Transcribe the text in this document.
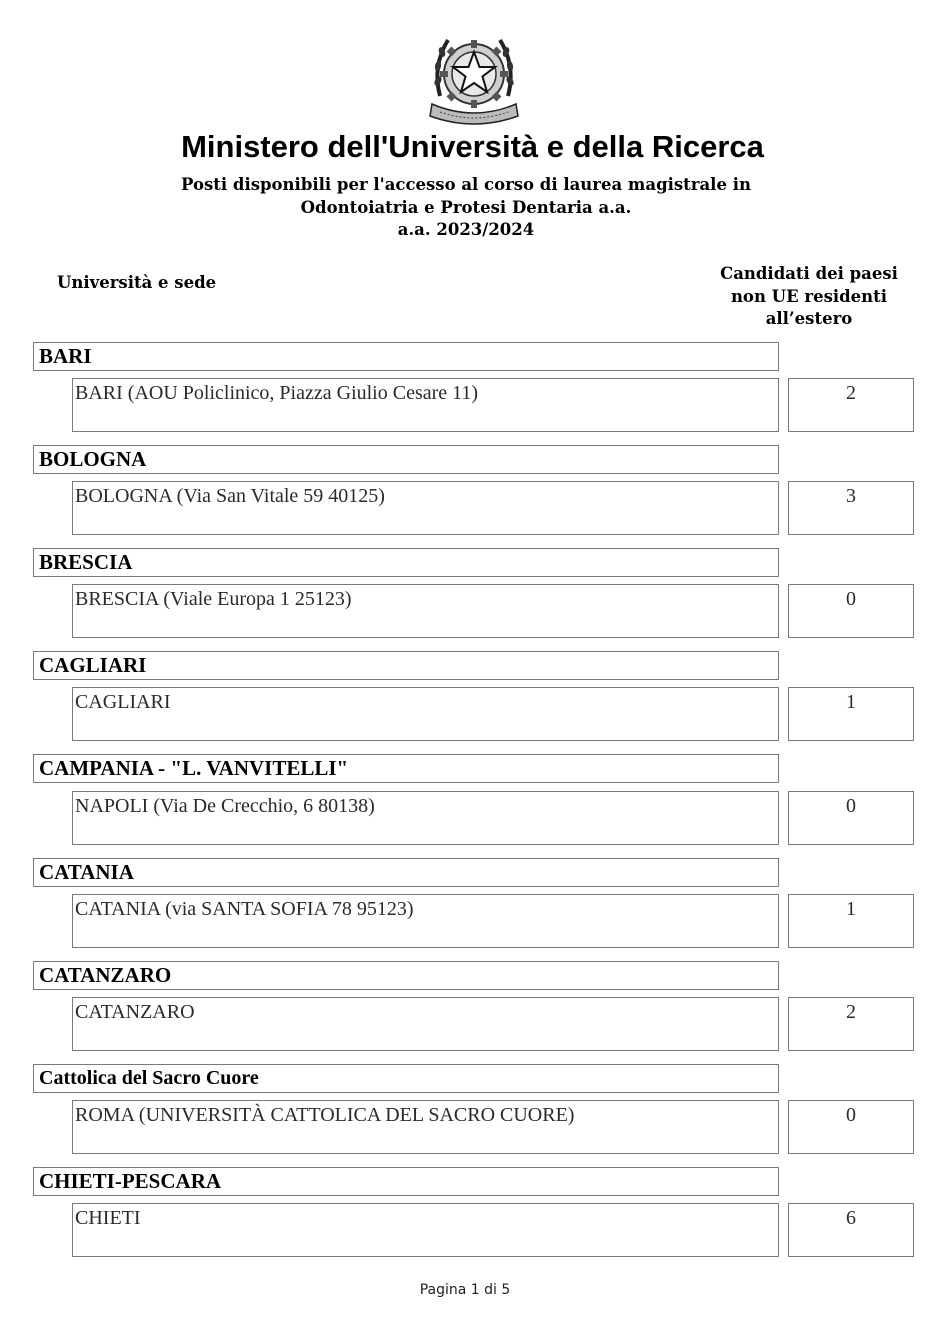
Ministero dell'Università e della Ricerca
Posti disponibili per l'accesso al corso di laurea magistrale in
Odontoiatria e Protesi Dentaria a.a.
a.a. 2023/2024
Università e sede	Candidati dei paesi
non UE residenti
all’estero
BARI
BARI (AOU Policlinico, Piazza Giulio Cesare 11)	2
BOLOGNA
BOLOGNA (Via San Vitale 59 40125)	3
BRESCIA
BRESCIA (Viale Europa 1 25123)	0
CAGLIARI
CAGLIARI	1
CAMPANIA - "L. VANVITELLI"
NAPOLI (Via De Crecchio, 6 80138)	0
CATANIA
CATANIA (via SANTA SOFIA 78 95123)	1
CATANZARO
CATANZARO	2
Cattolica del Sacro Cuore
ROMA (UNIVERSITÀ CATTOLICA DEL SACRO CUORE)	0
CHIETI-PESCARA
CHIETI	6
Pagina 1 di 5
